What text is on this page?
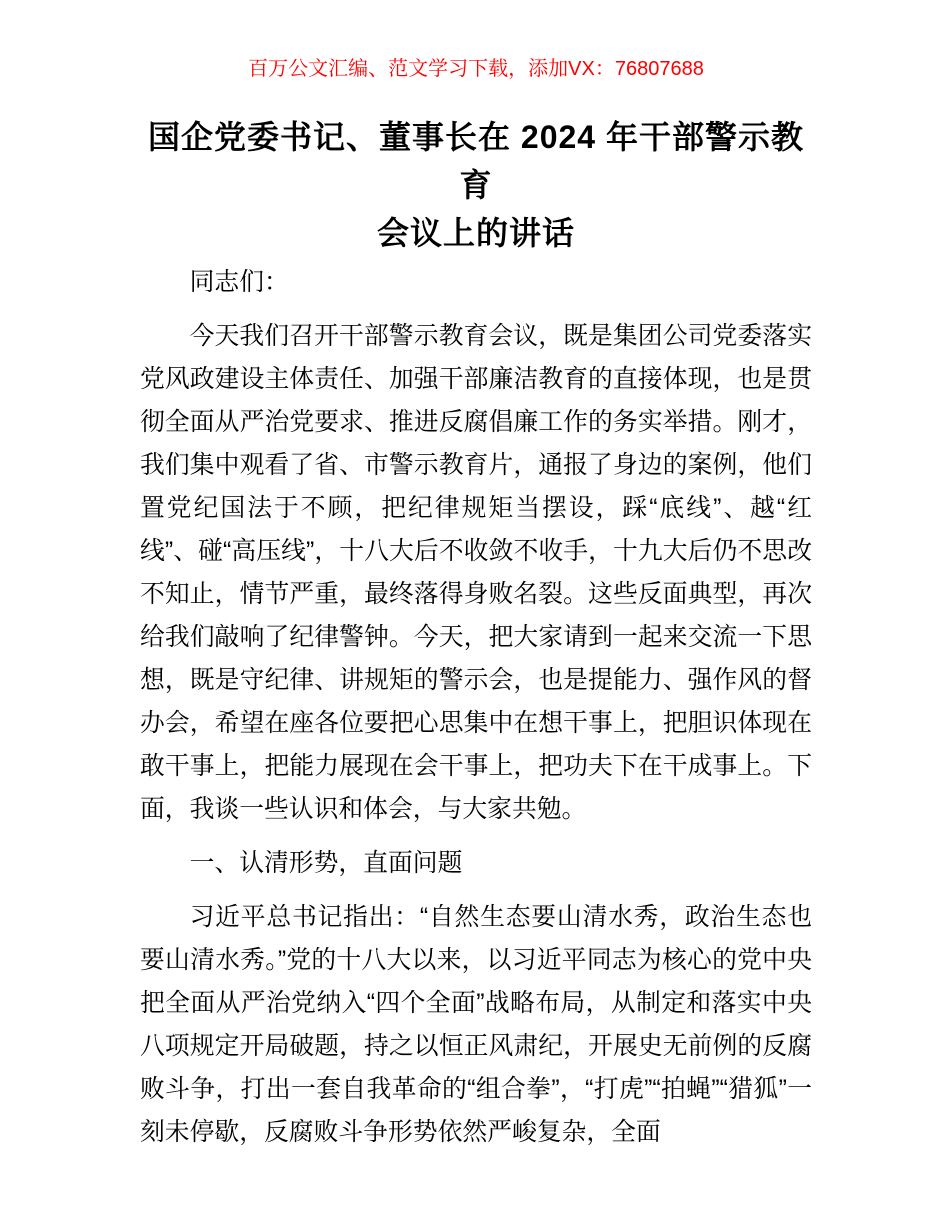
百万公文汇编、范文学习下载，添加VX：76807688
国企党委书记、董事长在 2024 年干部警示教育
会议上的讲话

同志们：

今天我们召开干部警示教育会议，既是集团公司党委落实党风政建设主体责任、加强干部廉洁教育的直接体现，也是贯彻全面从严治党要求、推进反腐倡廉工作的务实举措。刚才，我们集中观看了省、市警示教育片，通报了身边的案例，他们置党纪国法于不顾，把纪律规矩当摆设，踩“底线”、越“红线”、碰“高压线”，十八大后不收敛不收手，十九大后仍不思改不知止，情节严重，最终落得身败名裂。这些反面典型，再次给我们敲响了纪律警钟。今天，把大家请到一起来交流一下思想，既是守纪律、讲规矩的警示会，也是提能力、强作风的督办会，希望在座各位要把心思集中在想干事上，把胆识体现在敢干事上，把能力展现在会干事上，把功夫下在干成事上。下面，我谈一些认识和体会，与大家共勉。

一、认清形势，直面问题

习近平总书记指出：“自然生态要山清水秀，政治生态也要山清水秀。”党的十八大以来，以习近平同志为核心的党中央把全面从严治党纳入“四个全面”战略布局，从制定和落实中央八项规定开局破题，持之以恒正风肃纪，开展史无前例的反腐败斗争，打出一套自我革命的“组合拳”，“打虎”“拍蝇”“猎狐”一刻未停歇，反腐败斗争形势依然严峻复杂，全面
